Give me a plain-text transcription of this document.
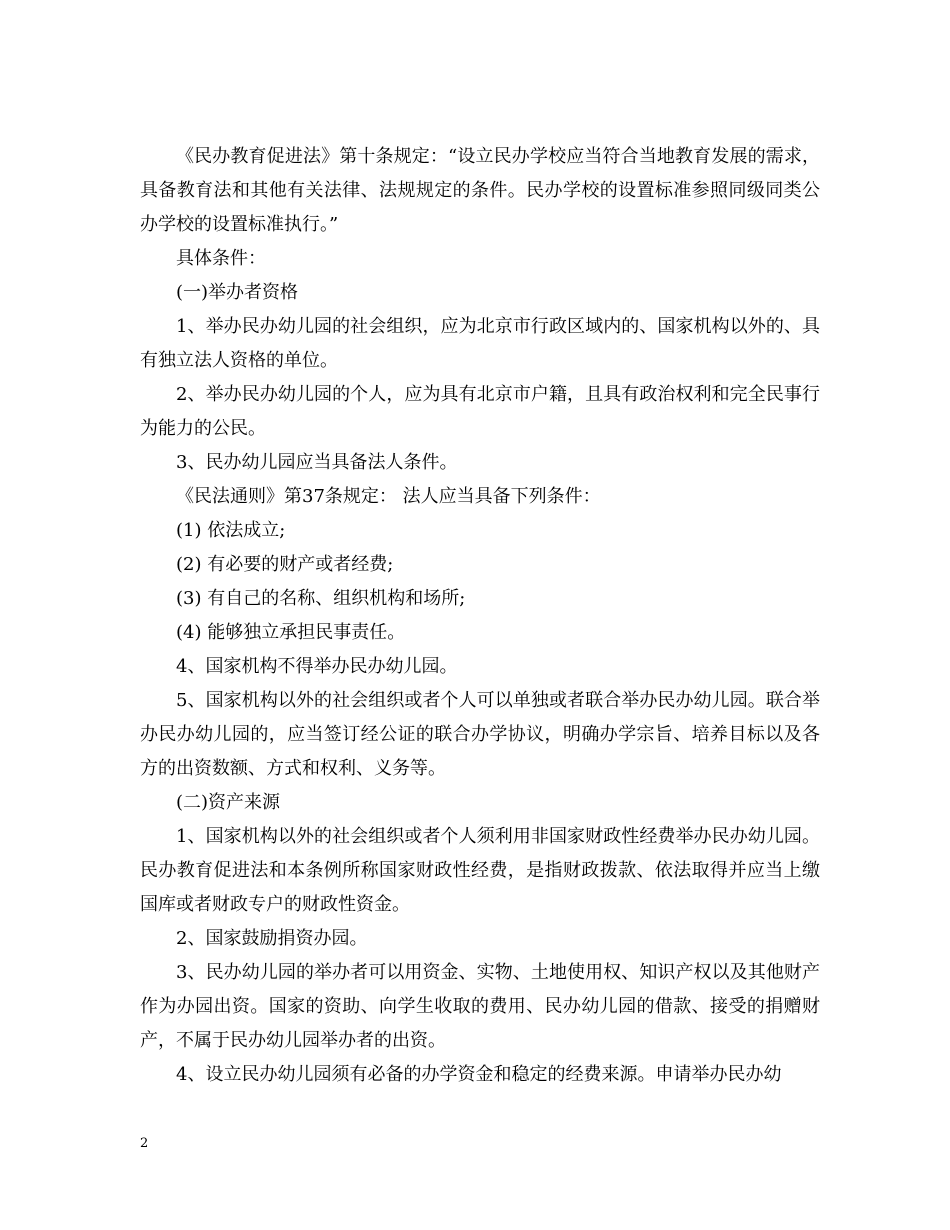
《民办教育促进法》第十条规定：“设立民办学校应当符合当地教育发展的需求，具备教育法和其他有关法律、法规规定的条件。民办学校的设置标准参照同级同类公办学校的设置标准执行。”

具体条件：

(一)举办者资格

1、举办民办幼儿园的社会组织，应为北京市行政区域内的、国家机构以外的、具有独立法人资格的单位。

2、举办民办幼儿园的个人，应为具有北京市户籍，且具有政治权利和完全民事行为能力的公民。

3、民办幼儿园应当具备法人条件。

《民法通则》第37条规定： 法人应当具备下列条件：

(1) 依法成立;

(2) 有必要的财产或者经费;

(3) 有自己的名称、组织机构和场所;

(4) 能够独立承担民事责任。

4、国家机构不得举办民办幼儿园。

5、国家机构以外的社会组织或者个人可以单独或者联合举办民办幼儿园。联合举办民办幼儿园的，应当签订经公证的联合办学协议，明确办学宗旨、培养目标以及各方的出资数额、方式和权利、义务等。

(二)资产来源

1、国家机构以外的社会组织或者个人须利用非国家财政性经费举办民办幼儿园。民办教育促进法和本条例所称国家财政性经费，是指财政拨款、依法取得并应当上缴国库或者财政专户的财政性资金。

2、国家鼓励捐资办园。

3、民办幼儿园的举办者可以用资金、实物、土地使用权、知识产权以及其他财产作为办园出资。国家的资助、向学生收取的费用、民办幼儿园的借款、接受的捐赠财产，不属于民办幼儿园举办者的出资。

4、设立民办幼儿园须有必备的办学资金和稳定的经费来源。申请举办民办幼

2
